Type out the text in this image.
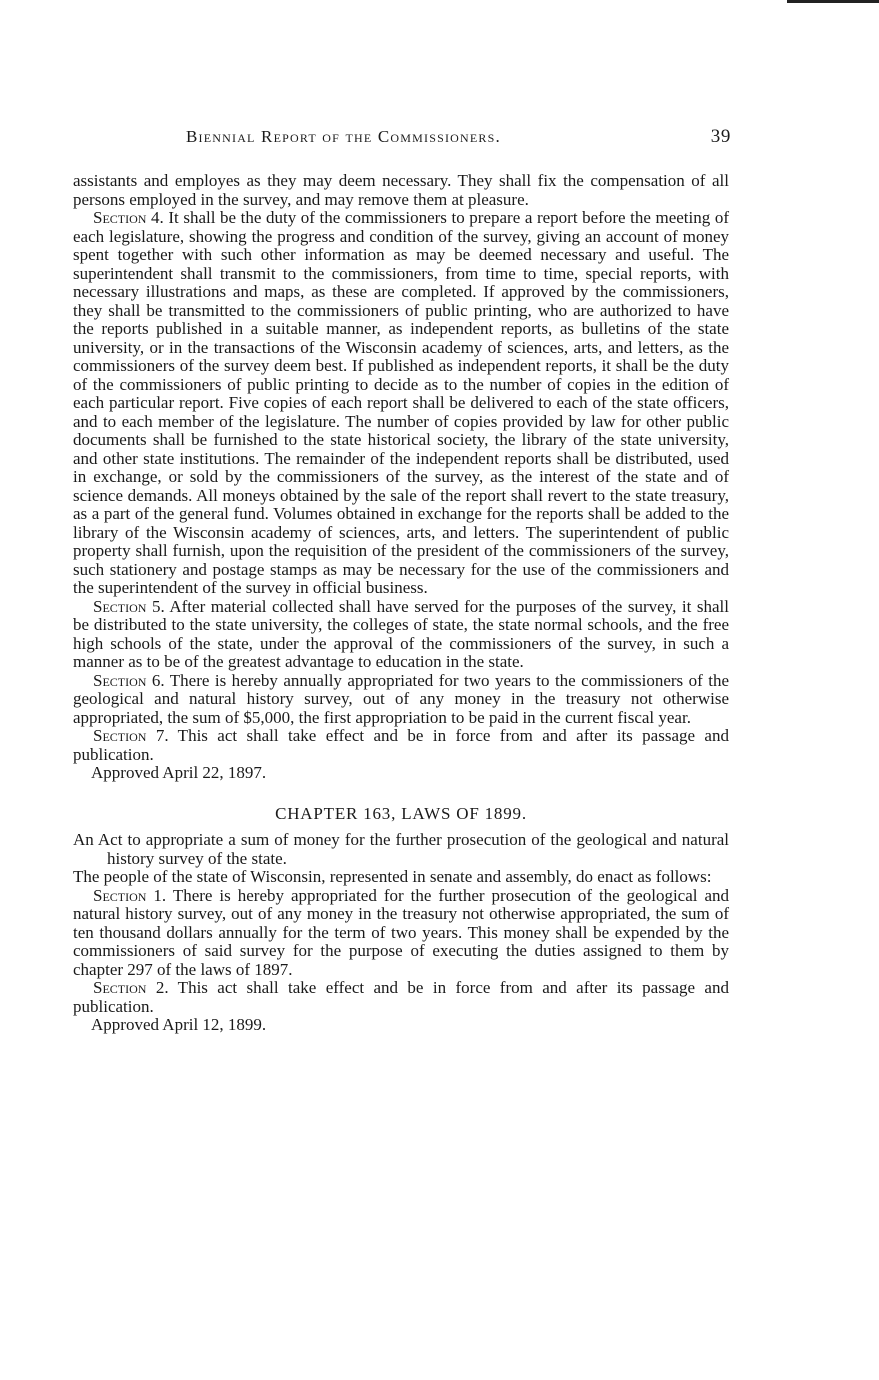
Biennial Report of the Commissioners.	39

assistants and employes as they may deem necessary. They shall fix the compensation of all persons employed in the survey, and may remove them at pleasure.

Section 4. It shall be the duty of the commissioners to prepare a report before the meeting of each legislature, showing the progress and condition of the survey, giving an account of money spent together with such other information as may be deemed necessary and useful. The superintendent shall transmit to the commissioners, from time to time, special reports, with necessary illustrations and maps, as these are completed. If approved by the commissioners, they shall be transmitted to the commissioners of public printing, who are authorized to have the reports published in a suitable manner, as independent reports, as bulletins of the state university, or in the transactions of the Wisconsin academy of sciences, arts, and letters, as the commissioners of the survey deem best. If published as independent reports, it shall be the duty of the commissioners of public printing to decide as to the number of copies in the edition of each particular report. Five copies of each report shall be delivered to each of the state officers, and to each member of the legislature. The number of copies provided by law for other public documents shall be furnished to the state historical society, the library of the state university, and other state institutions. The remainder of the independent reports shall be distributed, used in exchange, or sold by the commissioners of the survey, as the interest of the state and of science demands. All moneys obtained by the sale of the report shall revert to the state treasury, as a part of the general fund. Volumes obtained in exchange for the reports shall be added to the library of the Wisconsin academy of sciences, arts, and letters. The superintendent of public property shall furnish, upon the requisition of the president of the commissioners of the survey, such stationery and postage stamps as may be necessary for the use of the commissioners and the superintendent of the survey in official business.

Section 5. After material collected shall have served for the purposes of the survey, it shall be distributed to the state university, the colleges of state, the state normal schools, and the free high schools of the state, under the approval of the commissioners of the survey, in such a manner as to be of the greatest advantage to education in the state.

Section 6. There is hereby annually appropriated for two years to the commissioners of the geological and natural history survey, out of any money in the treasury not otherwise appropriated, the sum of $5,000, the first appropriation to be paid in the current fiscal year.

Section 7. This act shall take effect and be in force from and after its passage and publication.

Approved April 22, 1897.

CHAPTER 163, LAWS OF 1899.

An Act to appropriate a sum of money for the further prosecution of the geological and natural history survey of the state.

The people of the state of Wisconsin, represented in senate and assembly, do enact as follows:

Section 1. There is hereby appropriated for the further prosecution of the geological and natural history survey, out of any money in the treasury not otherwise appropriated, the sum of ten thousand dollars annually for the term of two years. This money shall be expended by the commissioners of said survey for the purpose of executing the duties assigned to them by chapter 297 of the laws of 1897.

Section 2. This act shall take effect and be in force from and after its passage and publication.

Approved April 12, 1899.
